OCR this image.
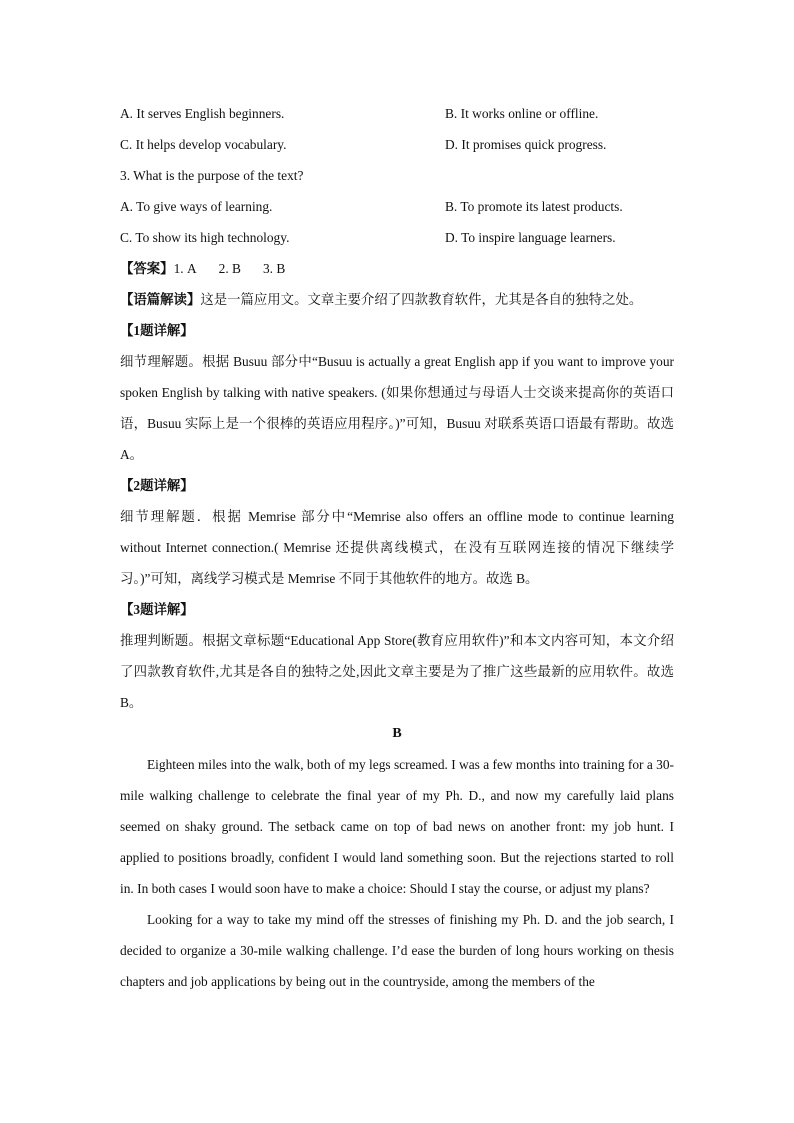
A. It serves English beginners.	B. It works online or offline.
C. It helps develop vocabulary.	D. It promises quick progress.
3. What is the purpose of the text?
A. To give ways of learning.	B. To promote its latest products.
C. To show its high technology.	D. To inspire language learners.
【答案】1. A 2. B 3. B
【语篇解读】这是一篇应用文。文章主要介绍了四款教育软件，尤其是各自的独特之处。
【1题详解】
细节理解题。根据 Busuu 部分中“Busuu is actually a great English app if you want to improve your spoken English by talking with native speakers. (如果你想通过与母语人士交谈来提高你的英语口语，Busuu 实际上是一个很棒的英语应用程序。)”可知，Busuu 对联系英语口语最有帮助。故选 A。
【2题详解】
细节理解题．根据 Memrise 部分中“Memrise also offers an offline mode to continue learning without Internet connection.( Memrise 还提供离线模式，在没有互联网连接的情况下继续学习。)”可知，离线学习模式是 Memrise 不同于其他软件的地方。故选 B。
【3题详解】
推理判断题。根据文章标题“Educational App Store(教育应用软件)”和本文内容可知，本文介绍了四款教育软件,尤其是各自的独特之处,因此文章主要是为了推广这些最新的应用软件。故选 B。
B
Eighteen miles into the walk, both of my legs screamed. I was a few months into training for a 30-mile walking challenge to celebrate the final year of my Ph. D., and now my carefully laid plans seemed on shaky ground. The setback came on top of bad news on another front: my job hunt. I applied to positions broadly, confident I would land something soon. But the rejections started to roll in. In both cases I would soon have to make a choice: Should I stay the course, or adjust my plans?
Looking for a way to take my mind off the stresses of finishing my Ph. D. and the job search, I decided to organize a 30-mile walking challenge. I’d ease the burden of long hours working on thesis chapters and job applications by being out in the countryside, among the members of the
